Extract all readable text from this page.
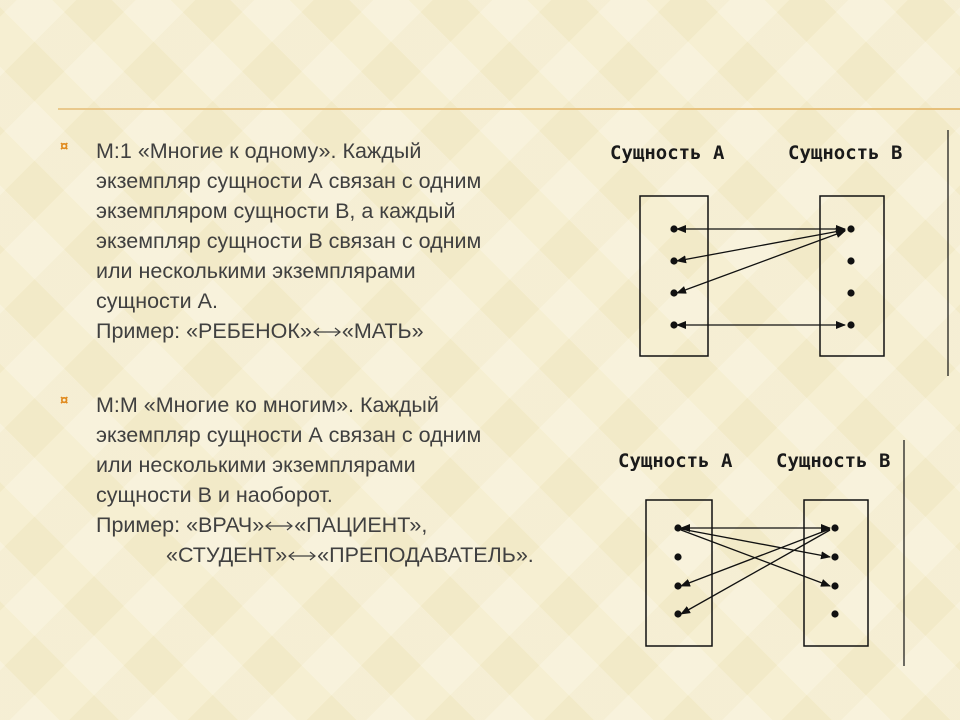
¤ M:1 «Многие к одному». Каждый
экземпляр сущности А связан с одним
экземпляром сущности В, а каждый
экземпляр сущности В связан с одним
или несколькими экземплярами
сущности А.
Пример: «РЕБЕНОК» «МАТЬ»
¤ M:M «Многие ко многим». Каждый
экземпляр сущности А связан с одним
или несколькими экземплярами
сущности В и наоборот.
Пример: «ВРАЧ» «ПАЦИЕНТ»,
«СТУДЕНТ» «ПРЕПОДАВАТЕЛЬ».
Сущность А	Сущность В
Сущность А Сущность В
